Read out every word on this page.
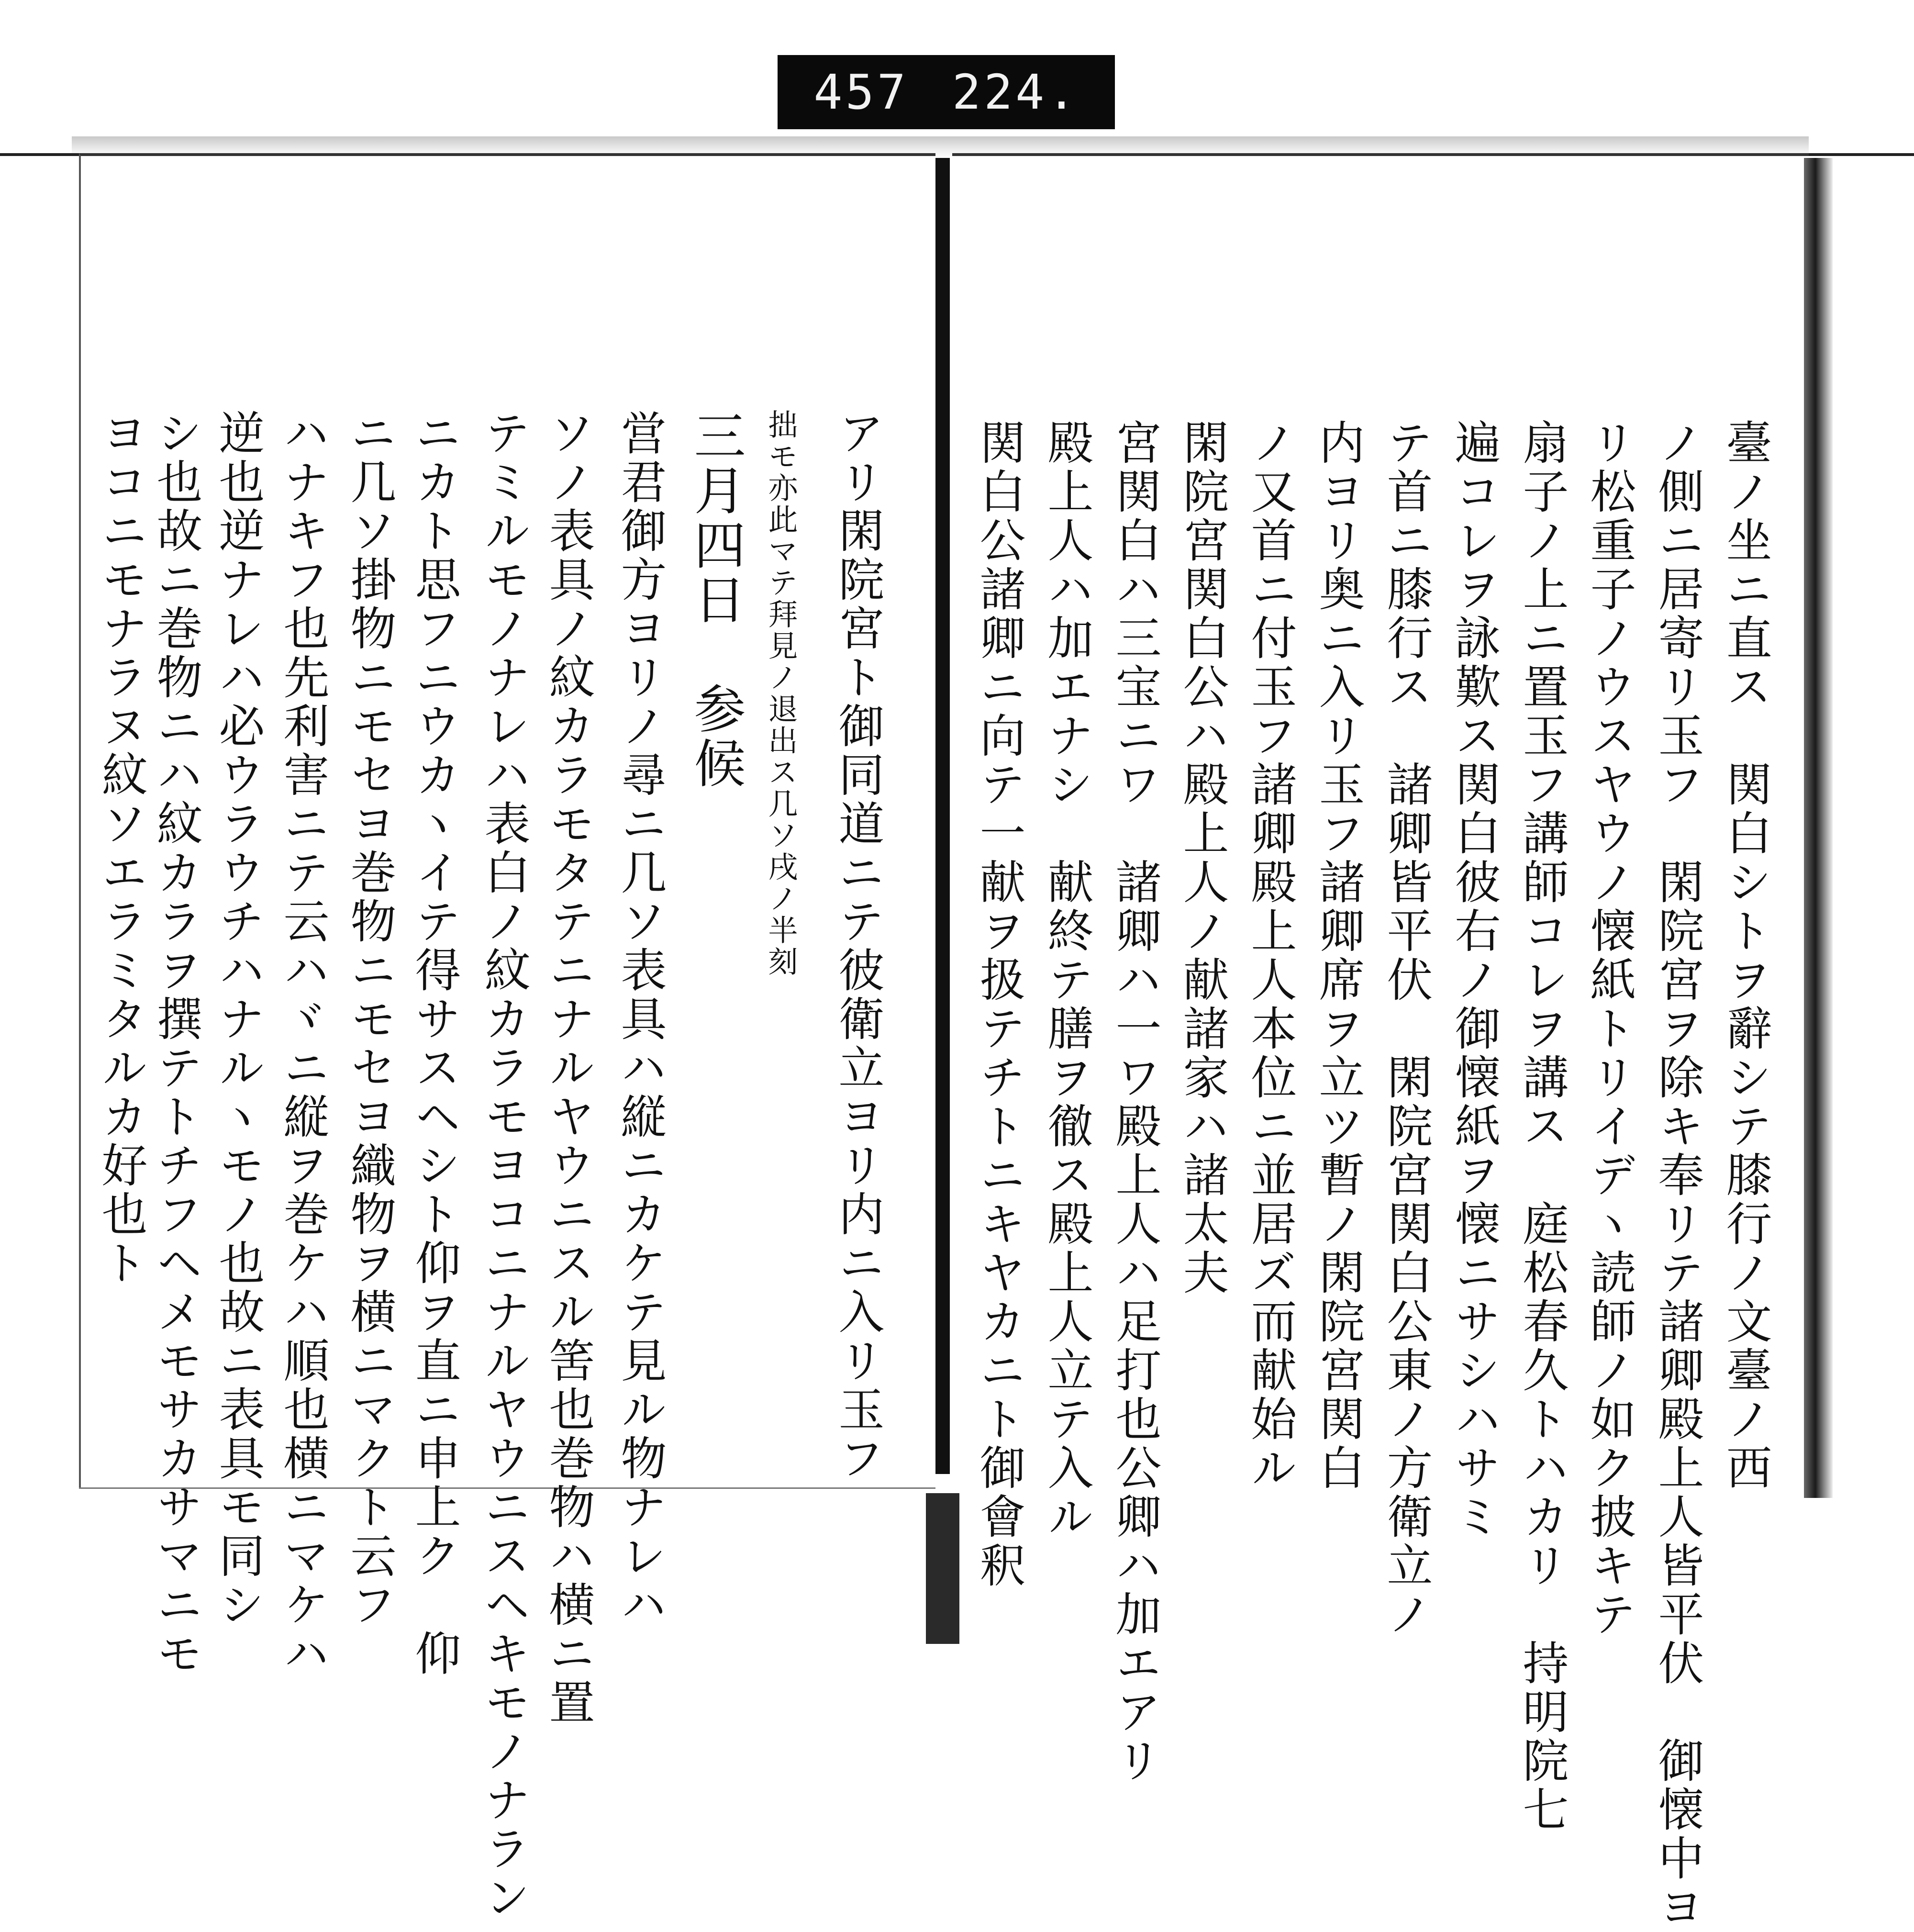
457 224.
臺ノ坐ニ直ス　関白シトヲ辭シテ膝行ノ文臺ノ西
ノ側ニ居寄リ玉フ　閑院宮ヲ除キ奉リテ諸卿殿上人皆平伏　御懐中ヨ
リ松重子ノウスヤウノ懐紙トリイデヽ読師ノ如ク披キテ
扇子ノ上ニ置玉フ講師コレヲ講ス　庭松春久トハカリ　持明院七
遍コレヲ詠歎ス関白彼右ノ御懐紙ヲ懐ニサシハサミ
テ首ニ膝行ス　諸卿皆平伏　閑院宮関白公東ノ方衛立ノ
内ヨリ奥ニ入リ玉フ諸卿席ヲ立ツ暫ノ閑院宮関白
ノ又首ニ付玉フ諸卿殿上人本位ニ並居ズ而献始ル
閑院宮関白公ハ殿上人ノ献諸家ハ諸太夫
宮関白ハ三宝ニワ　諸卿ハ一ワ殿上人ハ足打也公卿ハ加エアリ
アリ閑院宮ト御同道ニテ彼衛立ヨリ内ニ入リ玉フ
拙モ亦此マテ拜見ノ退出ス几ソ戌ノ半刻
三月四日　参候
営君御方ヨリノ尋ニ几ソ表具ハ縦ニカケテ見ル物ナレハ
ソノ表具ノ紋カラモタテニナルヤウニスル筈也巻物ハ横ニ置
テミルモノナレハ表白ノ紋カラモヨコニナルヤウニスヘキモノナラン
ニカト思フニウカヽイテ得サスヘシト仰ヲ直ニ申上ク　仰
ニ几ソ掛物ニモセヨ巻物ニモセヨ織物ヲ横ニマクト云フ
ハナキフ也先利害ニテ云ハヾニ縦ヲ巻ケハ順也横ニマケハ
逆也逆ナレハ必ウラウチハナルヽモノ也故ニ表具モ同シ
シ也故ニ巻物ニハ紋カラヲ撰テトチフヘメモサカサマニモ
ヨコニモナラヌ紋ソエラミタルカ好也ト	殿上人ハ加エナシ　献終テ膳ヲ徹ス殿上人立テ入ル
関白公諸卿ニ向テ一献ヲ扱テチトニキヤカニト御會釈
